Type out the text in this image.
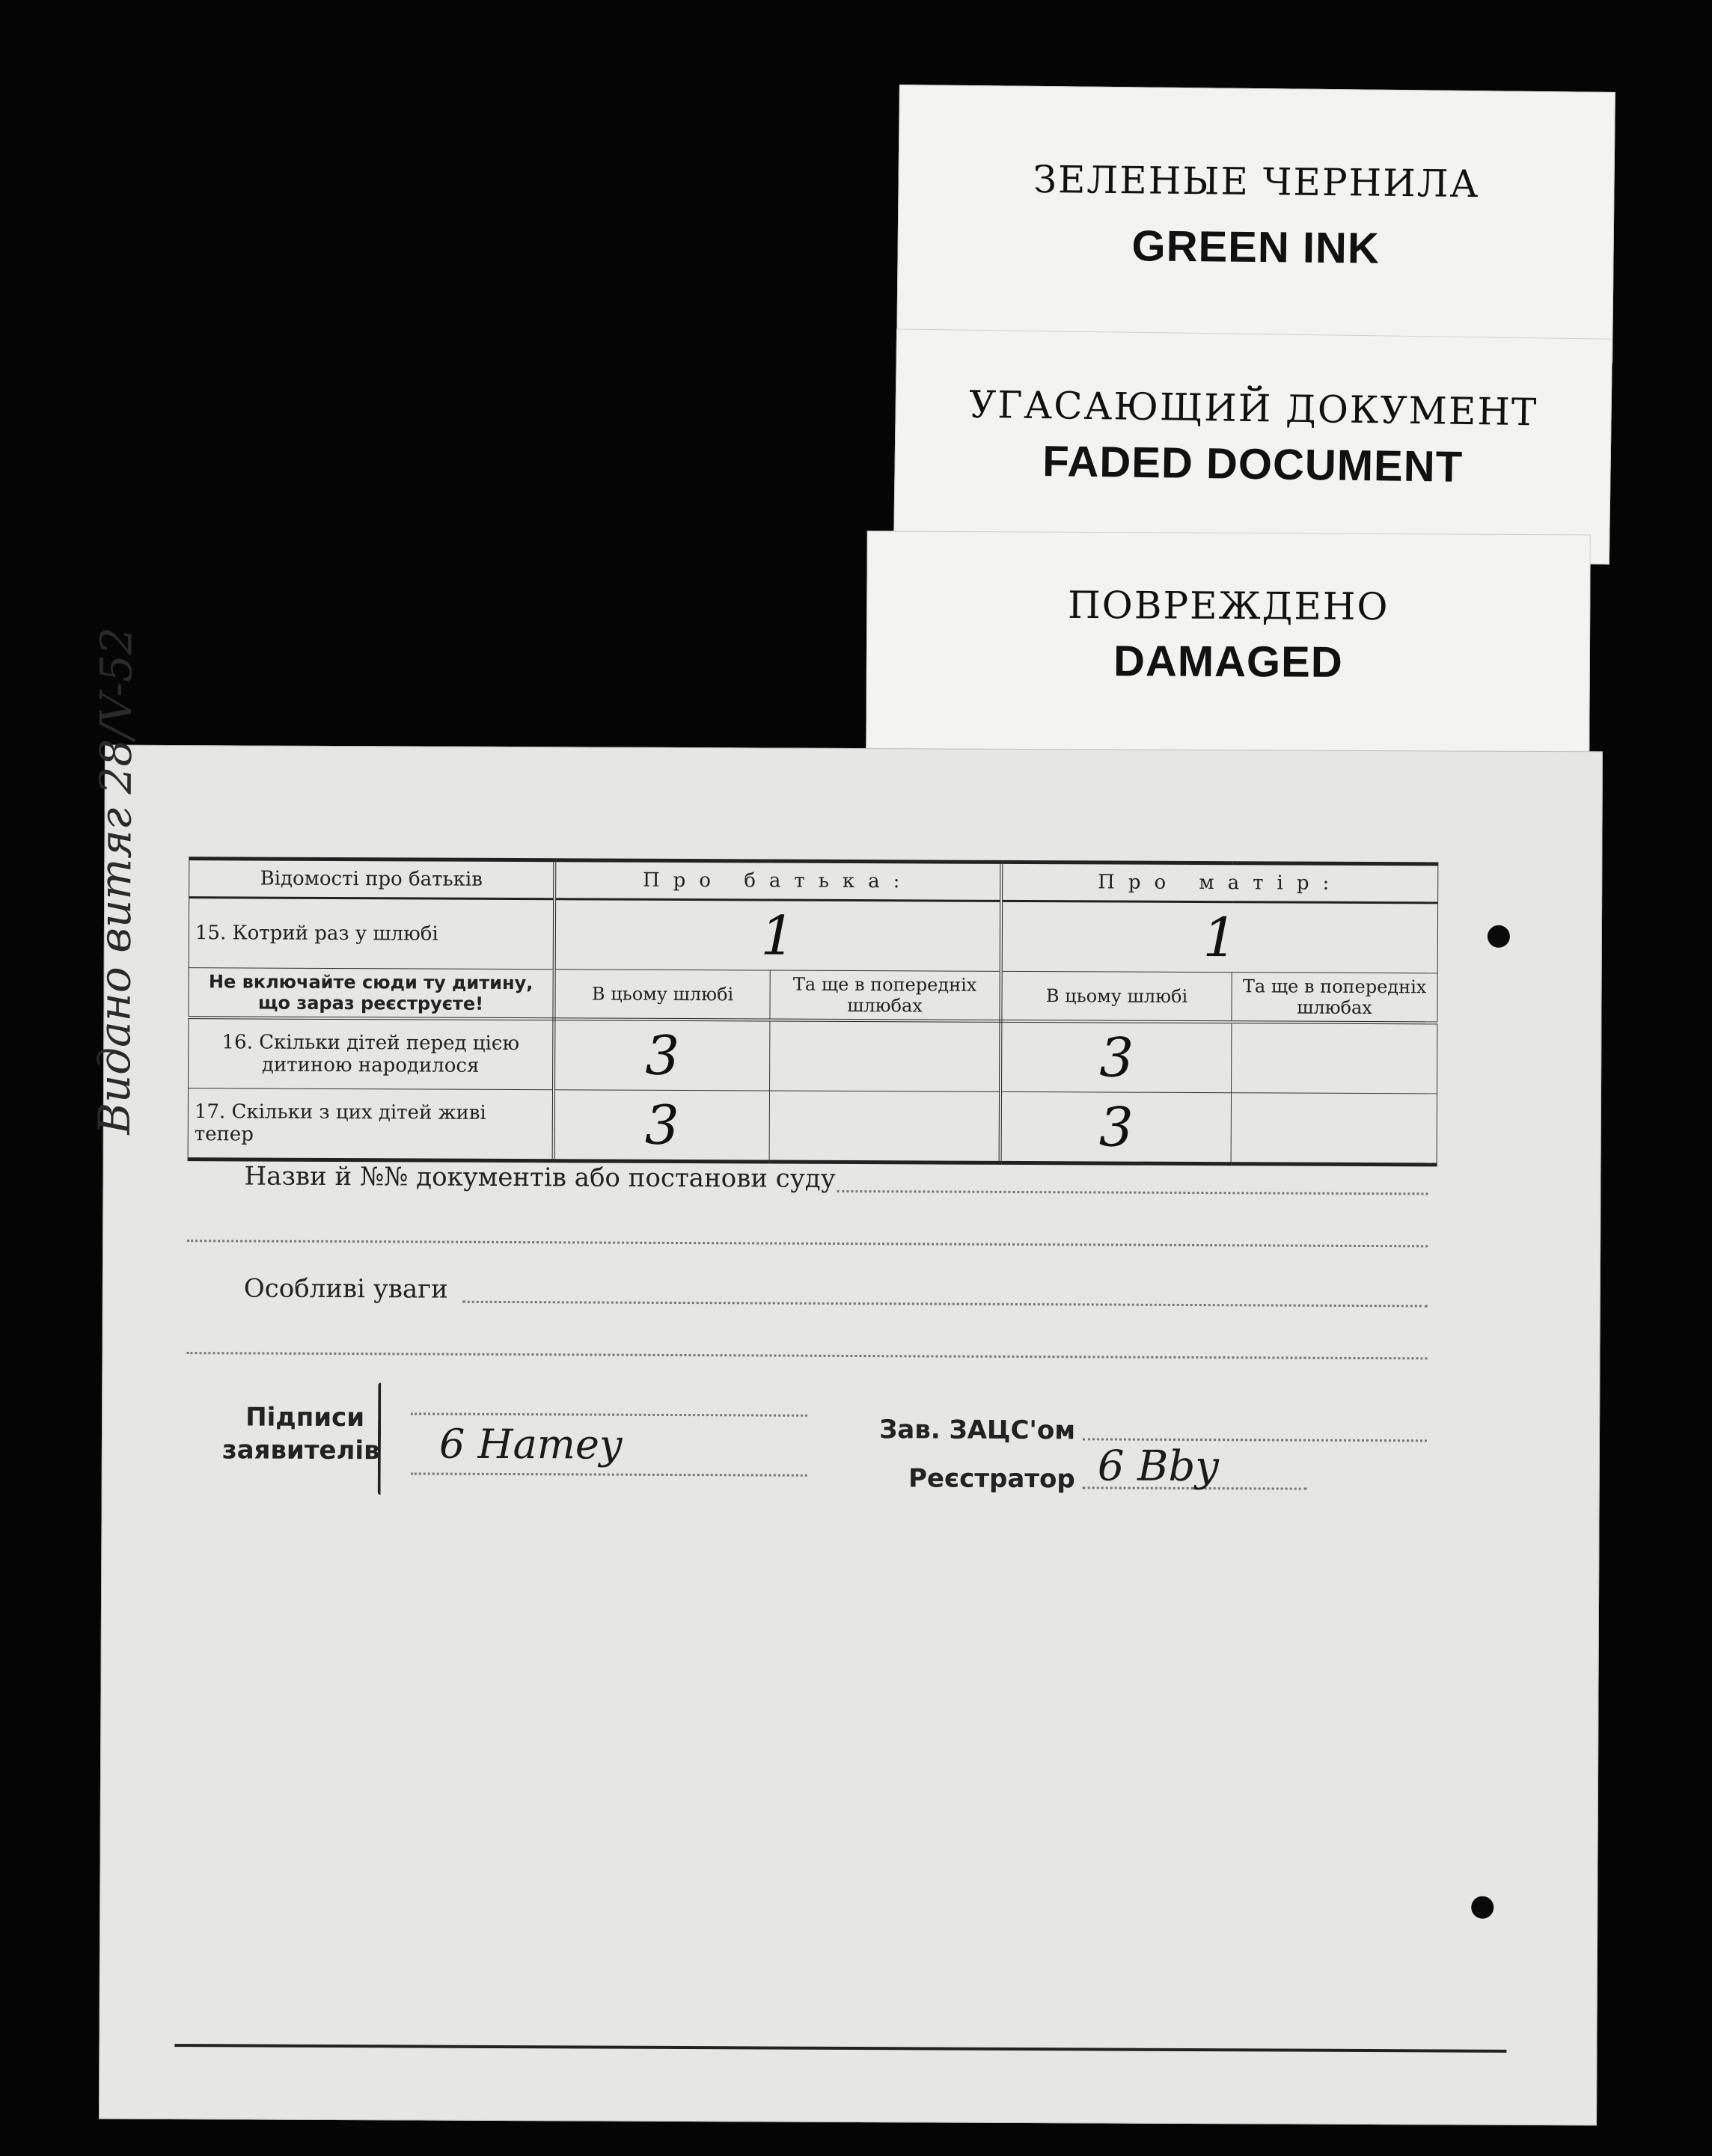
ЗЕЛЕНЫЕ ЧЕРНИЛА
GREEN INK
УГАСАЮЩИЙ ДОКУМЕНТ
FADED DOCUMENT
ПОВРЕЖДЕНО
DAMAGED
Видано витяг 28/V-52	Відомості про батьків	Про батька:		Про матір:	
15. Котрий раз у шлюбі	1		1	
Не включайте сюди ту дитину, що зараз реєструєте!	В цьому шлюбі	Та ще в попередніх шлюбах	В цьому шлюбі	Та ще в попередніх шлюбах
16. Скільки дітей перед цією дитиною народилося	3		3	
17. Скільки з цих дітей живі тепер	3		3	
Назви й №№ документів або постанови суду
Особливі уваги
Підписи заявителів 6 Hamey	Зав. ЗАЦС'ом
Реєстратор 6 Bby
